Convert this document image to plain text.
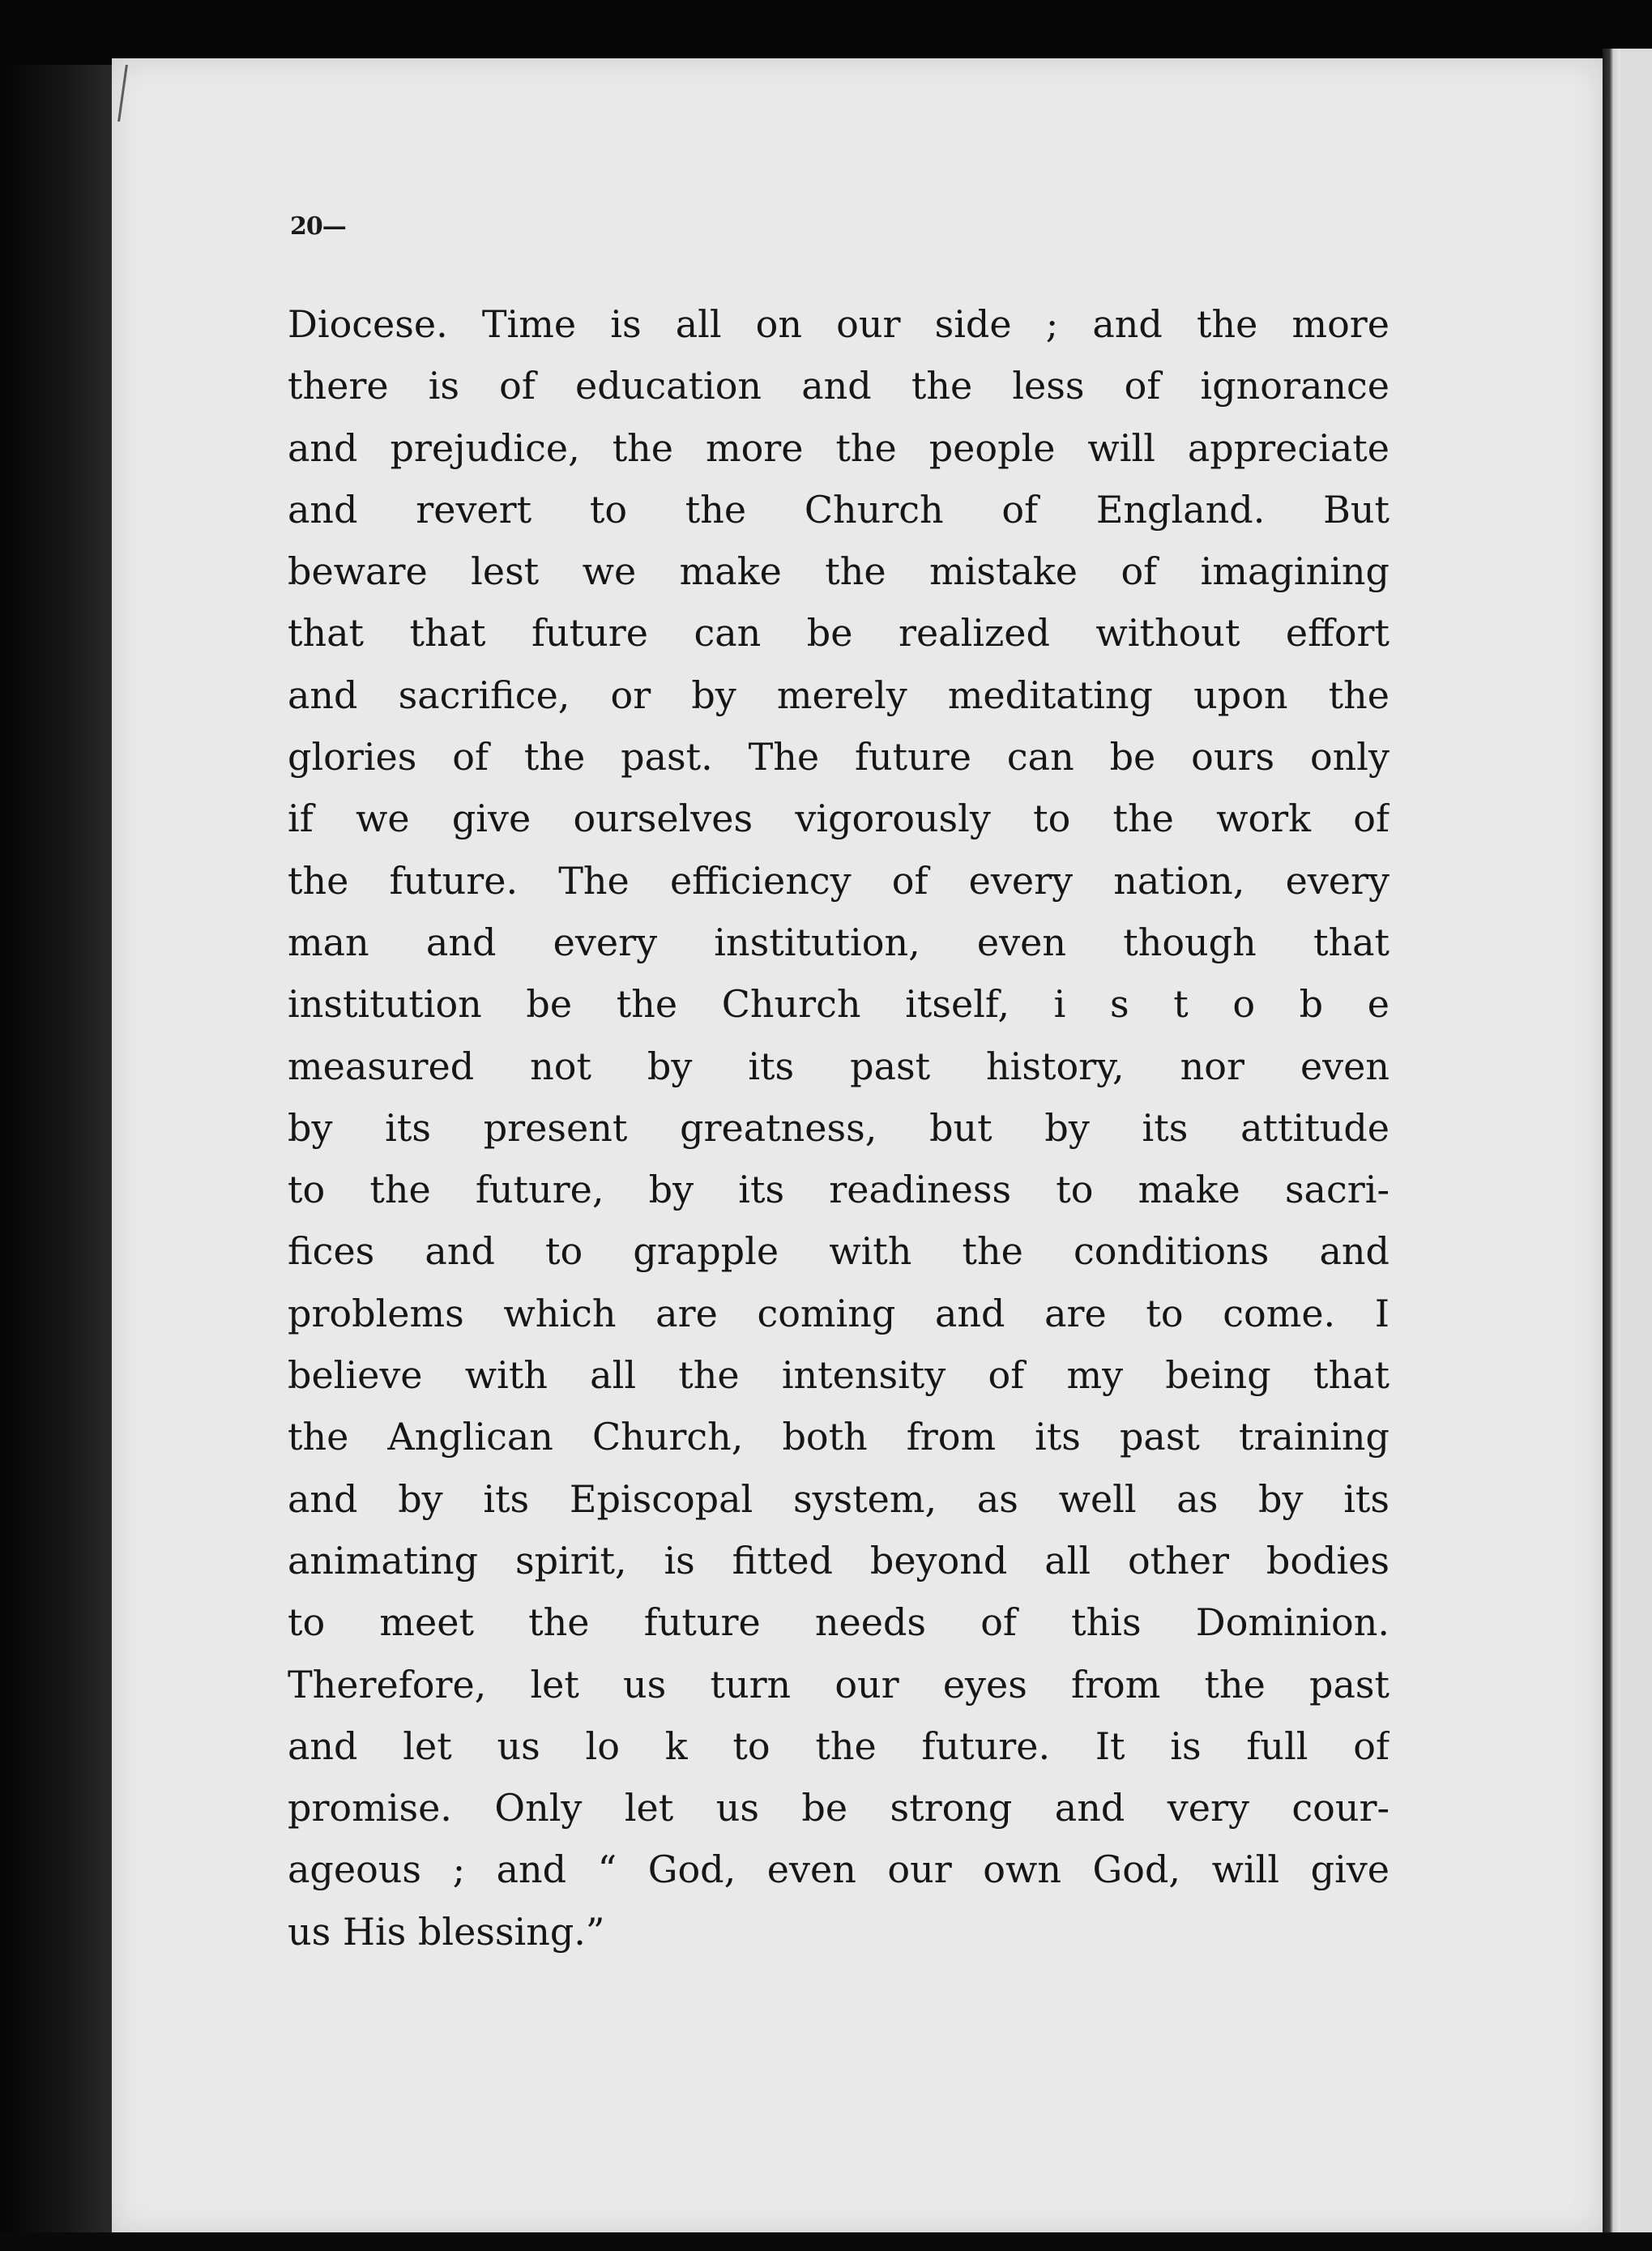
20—
Diocese. Time is all on our side ; and the more
there is of education and the less of ignorance
and prejudice, the more the people will appreciate
and revert to the Church of England. But
beware lest we make the mistake of imagining
that that future can be realized without effort
and sacrifice, or by merely meditating upon the
glories of the past. The future can be ours only
if we give ourselves vigorously to the work of
the future. The efficiency of every nation, every
man and every institution, even though that
institution be the Church itself, i s t o b e
measured not by its past history, nor even
by its present greatness, but by its attitude
to the future, by its readiness to make sacri-
fices and to grapple with the conditions and
problems which are coming and are to come. I
believe with all the intensity of my being that
the Anglican Church, both from its past training
and by its Episcopal system, as well as by its
animating spirit, is fitted beyond all other bodies
to meet the future needs of this Dominion.
Therefore, let us turn our eyes from the past
and let us lo k to the future. It is full of
promise. Only let us be strong and very cour-
ageous ; and “ God, even our own God, will give
us His blessing.”
